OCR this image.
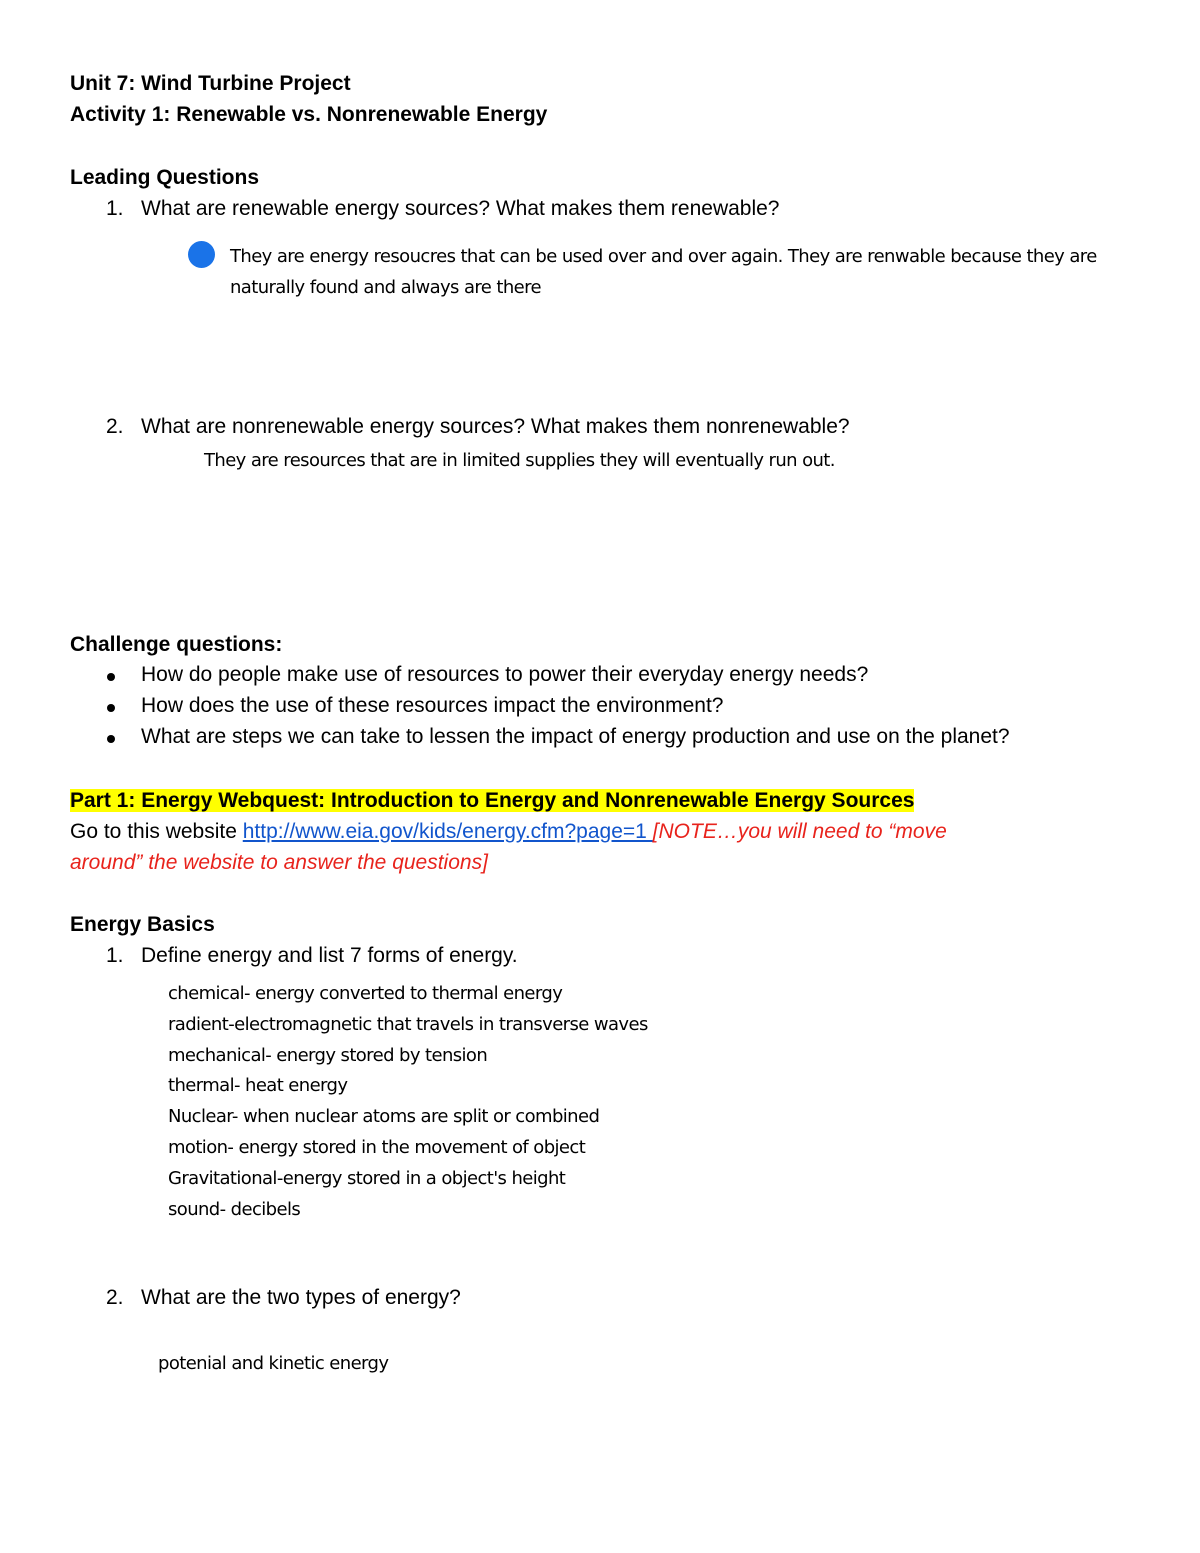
Unit 7: Wind Turbine Project
Activity 1: Renewable vs. Nonrenewable Energy
Leading Questions
1. What are renewable energy sources? What makes them renewable?
They are energy resoucres that can be used over and over again. They are renwable because they are
naturally found and always are there
2. What are nonrenewable energy sources? What makes them nonrenewable?
They are resources that are in limited supplies they will eventually run out.
Challenge questions:
How do people make use of resources to power their everyday energy needs?
How does the use of these resources impact the environment?
What are steps we can take to lessen the impact of energy production and use on the planet?
Part 1: Energy Webquest: Introduction to Energy and Nonrenewable Energy Sources
Go to this website http://www.eia.gov/kids/energy.cfm?page=1 [NOTE…you will need to “move
around” the website to answer the questions]
Energy Basics
1. Define energy and list 7 forms of energy.
chemical- energy converted to thermal energy
radient-electromagnetic that travels in transverse waves
mechanical- energy stored by tension
thermal- heat energy
Nuclear- when nuclear atoms are split or combined
motion- energy stored in the movement of object
Gravitational-energy stored in a object's height
sound- decibels
2. What are the two types of energy?
potenial and kinetic energy
